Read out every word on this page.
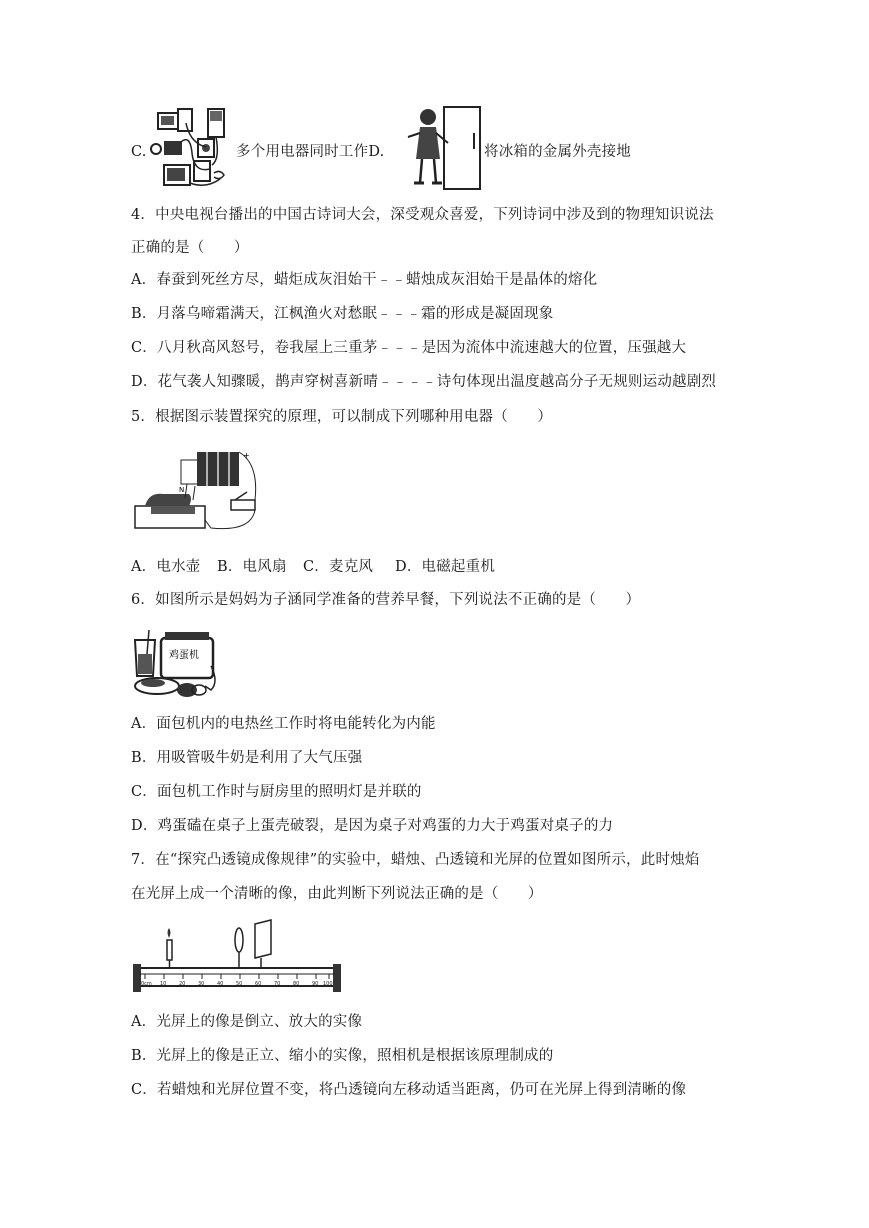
C.	多个用电器同时工作D.	将冰箱的金属外壳接地
4．中央电视台播出的中国古诗词大会，深受观众喜爱，下列诗词中涉及到的物理知识说法
正确的是（　　）
A．春蚕到死丝方尽，蜡炬成灰泪始干﹣﹣蜡烛成灰泪始干是晶体的熔化
B．月落乌啼霜满天，江枫渔火对愁眠﹣﹣﹣霜的形成是凝固现象
C．八月秋高风怒号，卷我屋上三重茅﹣﹣﹣是因为流体中流速越大的位置，压强越大
D．花气袭人知骤暖，鹊声穿树喜新晴﹣﹣﹣﹣诗句体现出温度越高分子无规则运动越剧烈
5．根据图示装置探究的原理，可以制成下列哪种用电器（　　）
+
N
A．电水壶 B．电风扇 C．麦克风 D．电磁起重机
6．如图所示是妈妈为子涵同学准备的营养早餐，下列说法不正确的是（　　）
鸡蛋机
A．面包机内的电热丝工作时将电能转化为内能
B．用吸管吸牛奶是利用了大气压强
C．面包机工作时与厨房里的照明灯是并联的
D．鸡蛋磕在桌子上蛋壳破裂，是因为桌子对鸡蛋的力大于鸡蛋对桌子的力
7．在“探究凸透镜成像规律”的实验中，蜡烛、凸透镜和光屏的位置如图所示，此时烛焰
在光屏上成一个清晰的像，由此判断下列说法正确的是（　　）
0cm 10	20	30	40	50	60	70	80	90 100
A．光屏上的像是倒立、放大的实像
B．光屏上的像是正立、缩小的实像，照相机是根据该原理制成的
C．若蜡烛和光屏位置不变，将凸透镜向左移动适当距离，仍可在光屏上得到清晰的像
